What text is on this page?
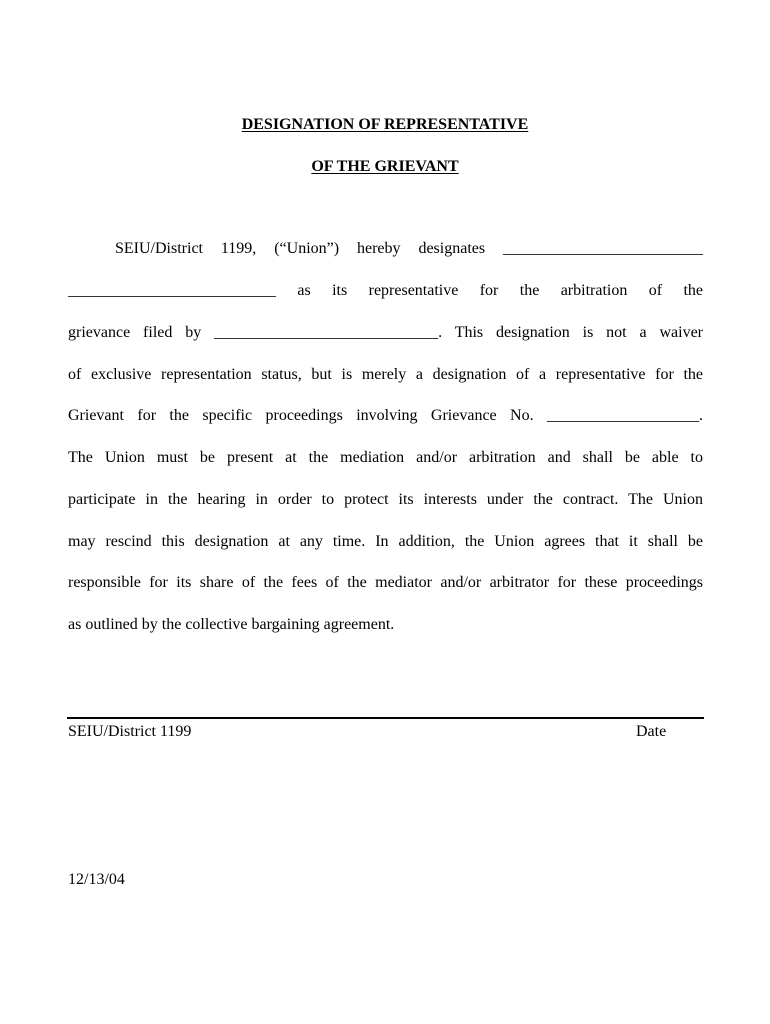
DESIGNATION OF REPRESENTATIVE
OF THE GRIEVANT

SEIU/District 1199, (“Union”) hereby designates _________________________

__________________________ as its representative for the arbitration of the

grievance filed by ____________________________. This designation is not a waiver

of exclusive representation status, but is merely a designation of a representative for the

Grievant for the specific proceedings involving Grievance No. ___________________.

The Union must be present at the mediation and/or arbitration and shall be able to

participate in the hearing in order to protect its interests under the contract. The Union

may rescind this designation at any time. In addition, the Union agrees that it shall be

responsible for its share of the fees of the mediator and/or arbitrator for these proceedings

as outlined by the collective bargaining agreement.

SEIU/District 1199	Date
12/13/04
